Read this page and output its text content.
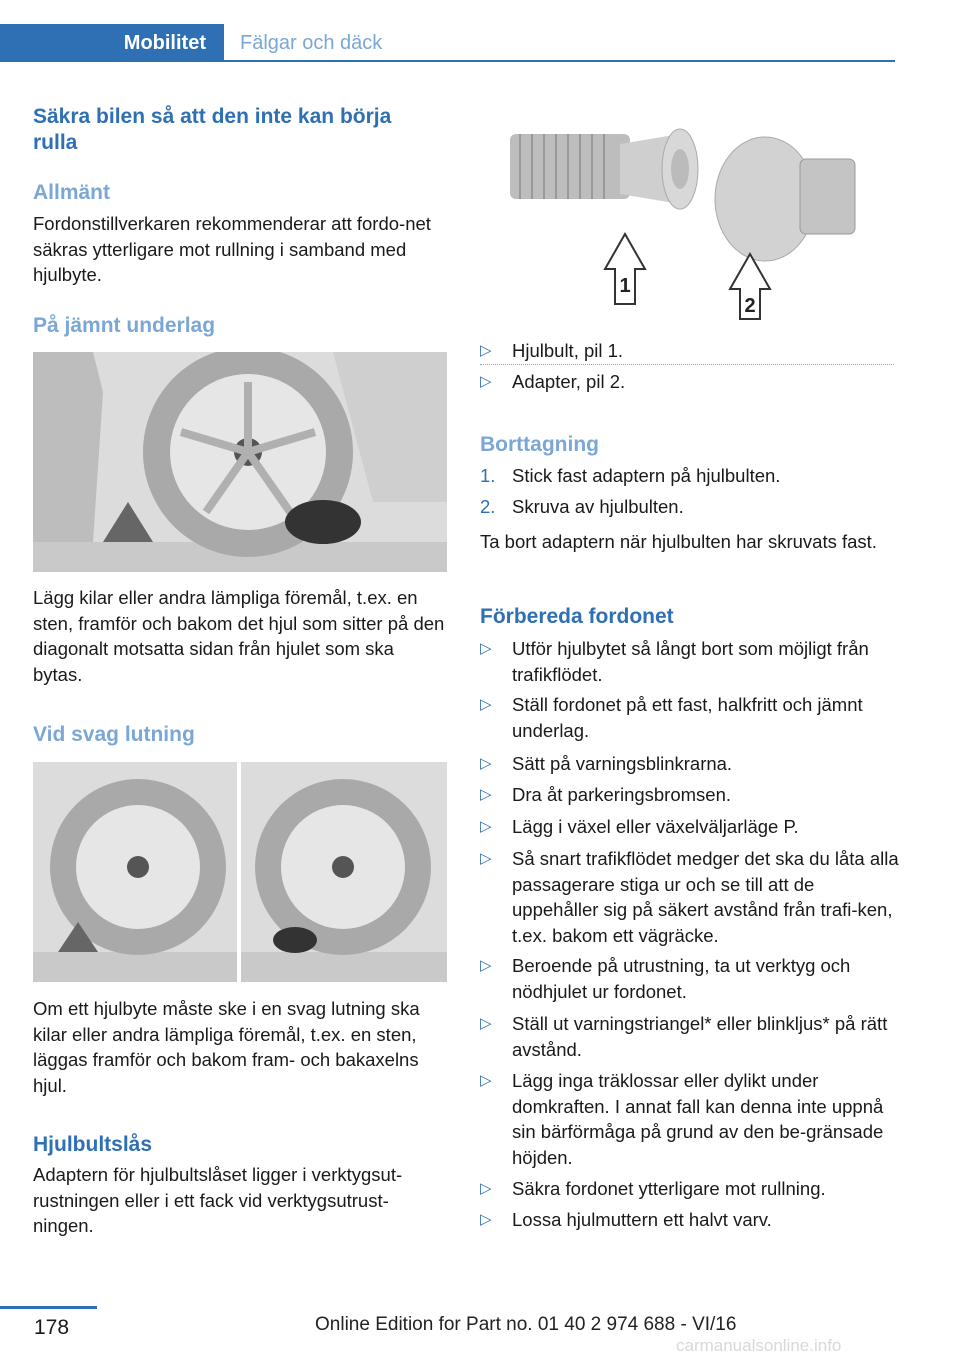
Mobilitet	Fälgar och däck
Säkra bilen så att den inte kan börja rulla
Allmänt
Fordonstillverkaren rekommenderar att fordo-net säkras ytterligare mot rullning i samband med hjulbyte.
På jämnt underlag
Lägg kilar eller andra lämpliga föremål, t.ex. en sten, framför och bakom det hjul som sitter på den diagonalt motsatta sidan från hjulet som ska bytas.
Vid svag lutning
Om ett hjulbyte måste ske i en svag lutning ska kilar eller andra lämpliga föremål, t.ex. en sten, läggas framför och bakom fram- och bakaxelns hjul.
Hjulbultslås
Adaptern för hjulbultslåset ligger i verktygsut-rustningen eller i ett fack vid verktygsutrust-ningen.
1
2
▷ Hjulbult, pil 1.
▷ Adapter, pil 2.
Borttagning
1. Stick fast adaptern på hjulbulten.
2. Skruva av hjulbulten.
Ta bort adaptern när hjulbulten har skruvats fast.
Förbereda fordonet
▷ Utför hjulbytet så långt bort som möjligt från trafikflödet.
▷ Ställ fordonet på ett fast, halkfritt och jämnt underlag.
▷ Sätt på varningsblinkrarna.
▷ Dra åt parkeringsbromsen.
▷ Lägg i växel eller växelväljarläge P.
▷ Så snart trafikflödet medger det ska du låta alla passagerare stiga ur och se till att de uppehåller sig på säkert avstånd från trafi-ken, t.ex. bakom ett vägräcke.
▷ Beroende på utrustning, ta ut verktyg och nödhjulet ur fordonet.
▷ Ställ ut varningstriangel* eller blinkljus* på rätt avstånd.
▷ Lägg inga träklossar eller dylikt under domkraften. I annat fall kan denna inte uppnå sin bärförmåga på grund av den be-gränsade höjden.
▷ Säkra fordonet ytterligare mot rullning.
▷ Lossa hjulmuttern ett halvt varv.
178	Online Edition for Part no. 01 40 2 974 688 - VI/16
carmanualsonline.info
